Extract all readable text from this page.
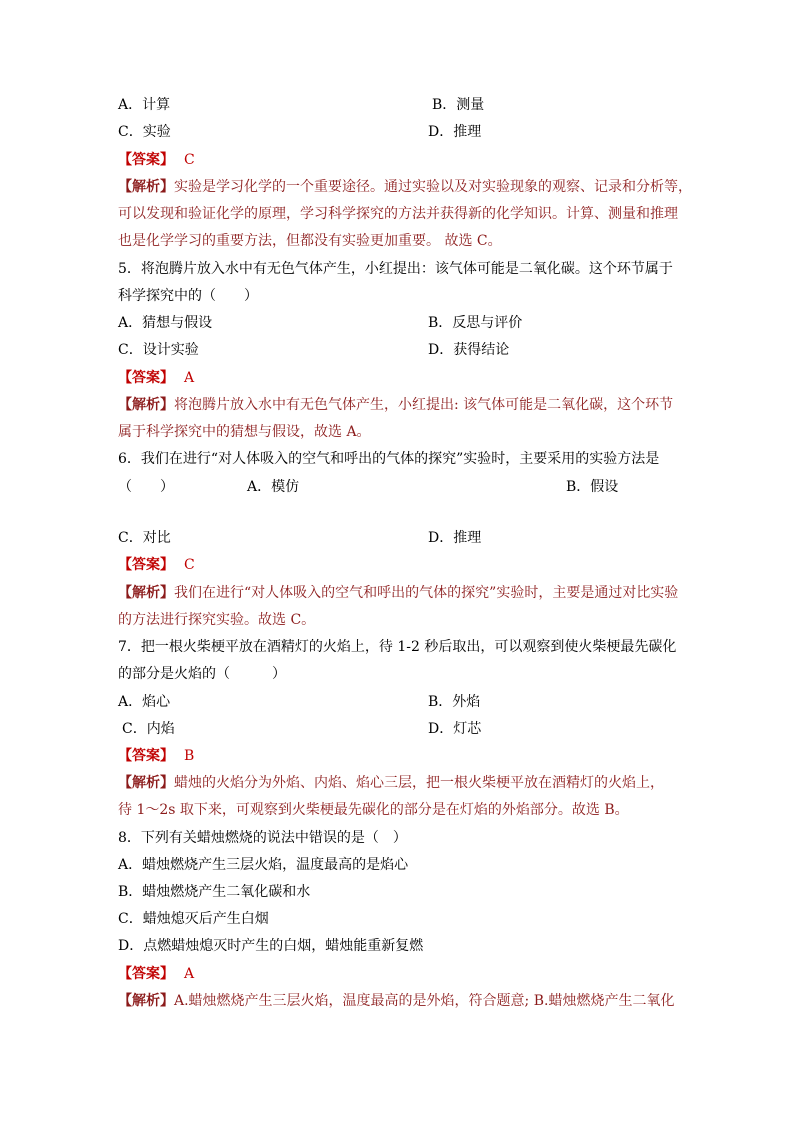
A．计算	B．测量
C．实验	D．推理
【答案】 C
【解析】实验是学习化学的一个重要途径。通过实验以及对实验现象的观察、记录和分析等，
可以发现和验证化学的原理，学习科学探究的方法并获得新的化学知识。计算、测量和推理
也是化学学习的重要方法，但都没有实验更加重要。 故选 C。
5．将泡腾片放入水中有无色气体产生，小红提出：该气体可能是二氧化碳。这个环节属于
科学探究中的（　　）
A．猜想与假设	B．反思与评价
C．设计实验	D．获得结论
【答案】 A
【解析】将泡腾片放入水中有无色气体产生，小红提出: 该气体可能是二氧化碳，这个环节
属于科学探究中的猜想与假设，故选 A。
6．我们在进行“对人体吸入的空气和呼出的气体的探究”实验时，主要采用的实验方法是
（　　）	A．模仿	B．假设
C．对比	D．推理
【答案】 C
【解析】我们在进行“对人体吸入的空气和呼出的气体的探究”实验时，主要是通过对比实验
的方法进行探究实验。故选 C。
7．把一根火柴梗平放在酒精灯的火焰上，待 1-2 秒后取出，可以观察到使火柴梗最先碳化
的部分是火焰的（　　　）
A．焰心	B．外焰
C．内焰	D．灯芯
【答案】 B
【解析】蜡烛的火焰分为外焰、内焰、焰心三层，把一根火柴梗平放在酒精灯的火焰上，
待 1～2s 取下来，可观察到火柴梗最先碳化的部分是在灯焰的外焰部分。故选 B。
8．下列有关蜡烛燃烧的说法中错误的是（　）
A．蜡烛燃烧产生三层火焰，温度最高的是焰心
B．蜡烛燃烧产生二氧化碳和水
C．蜡烛熄灭后产生白烟
D．点燃蜡烛熄灭时产生的白烟，蜡烛能重新复燃
【答案】 A
【解析】A.蜡烛燃烧产生三层火焰，温度最高的是外焰，符合题意; B.蜡烛燃烧产生二氧化
